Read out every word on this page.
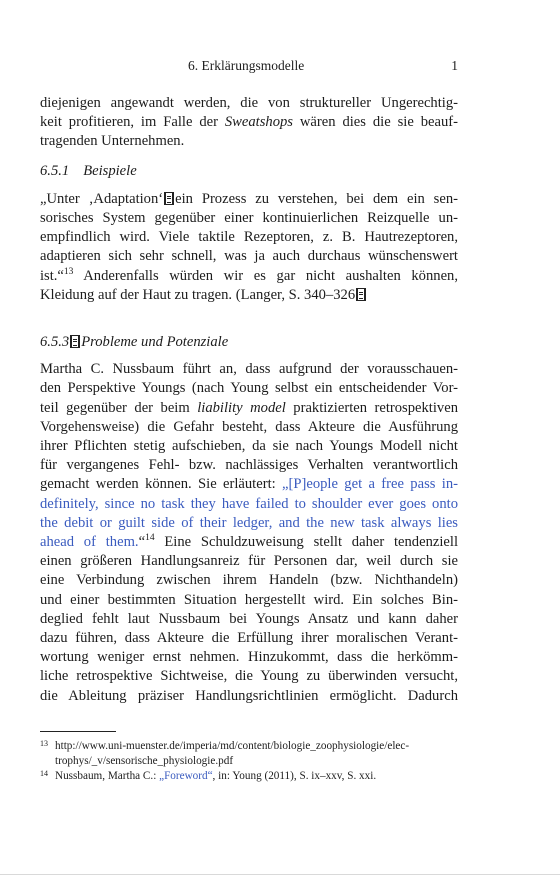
6. Erklärungsmodelle	1

diejenigen angewandt werden, die von struktureller Ungerechtig-
keit profitieren, im Falle der Sweatshops wären dies die sie beauf-
tragenden Unternehmen.

6.5.1 Beispiele

„Unter ‚Adaptation‘ ein Prozess zu verstehen, bei dem ein sen-
sorisches System gegenüber einer kontinuierlichen Reizquelle un-
empfindlich wird. Viele taktile Rezeptoren, z. B. Hautrezeptoren,
adaptieren sich sehr schnell, was ja auch durchaus wünschenswert
ist.“$^{13}$ Anderenfalls würden wir es gar nicht aushalten können,
Kleidung auf der Haut zu tragen. (Langer, S. 340–326

6.5.3 Probleme und Potenziale

Martha C. Nussbaum führt an, dass aufgrund der vorausschauen-
den Perspektive Youngs (nach Young selbst ein entscheidender Vor-
teil gegenüber der beim liability model praktizierten retrospektiven
Vorgehensweise) die Gefahr besteht, dass Akteure die Ausführung
ihrer Pflichten stetig aufschieben, da sie nach Youngs Modell nicht
für vergangenes Fehl- bzw. nachlässiges Verhalten verantwortlich
gemacht werden können. Sie erläutert: „[P]eople get a free pass in-
definitely, since no task they have failed to shoulder ever goes onto
the debit or guilt side of their ledger, and the new task always lies
ahead of them.“$^{14}$ Eine Schuldzuweisung stellt daher tendenziell
einen größeren Handlungsanreiz für Personen dar, weil durch sie
eine Verbindung zwischen ihrem Handeln (bzw. Nichthandeln)
und einer bestimmten Situation hergestellt wird. Ein solches Bin-
deglied fehlt laut Nussbaum bei Youngs Ansatz und kann daher
dazu führen, dass Akteure die Erfüllung ihrer moralischen Verant-
wortung weniger ernst nehmen. Hinzukommt, dass die herkömm-
liche retrospektive Sichtweise, die Young zu überwinden versucht,
die Ableitung präziser Handlungsrichtlinien ermöglicht. Dadurch

13 http://www.uni-muenster.de/imperia/md/content/biologie_zoophysiologie/elec-
trophys/_v/sensorische_physiologie.pdf

14 Nussbaum, Martha C.: „Foreword“, in: Young (2011), S. ix–xxv, S. xxi.
